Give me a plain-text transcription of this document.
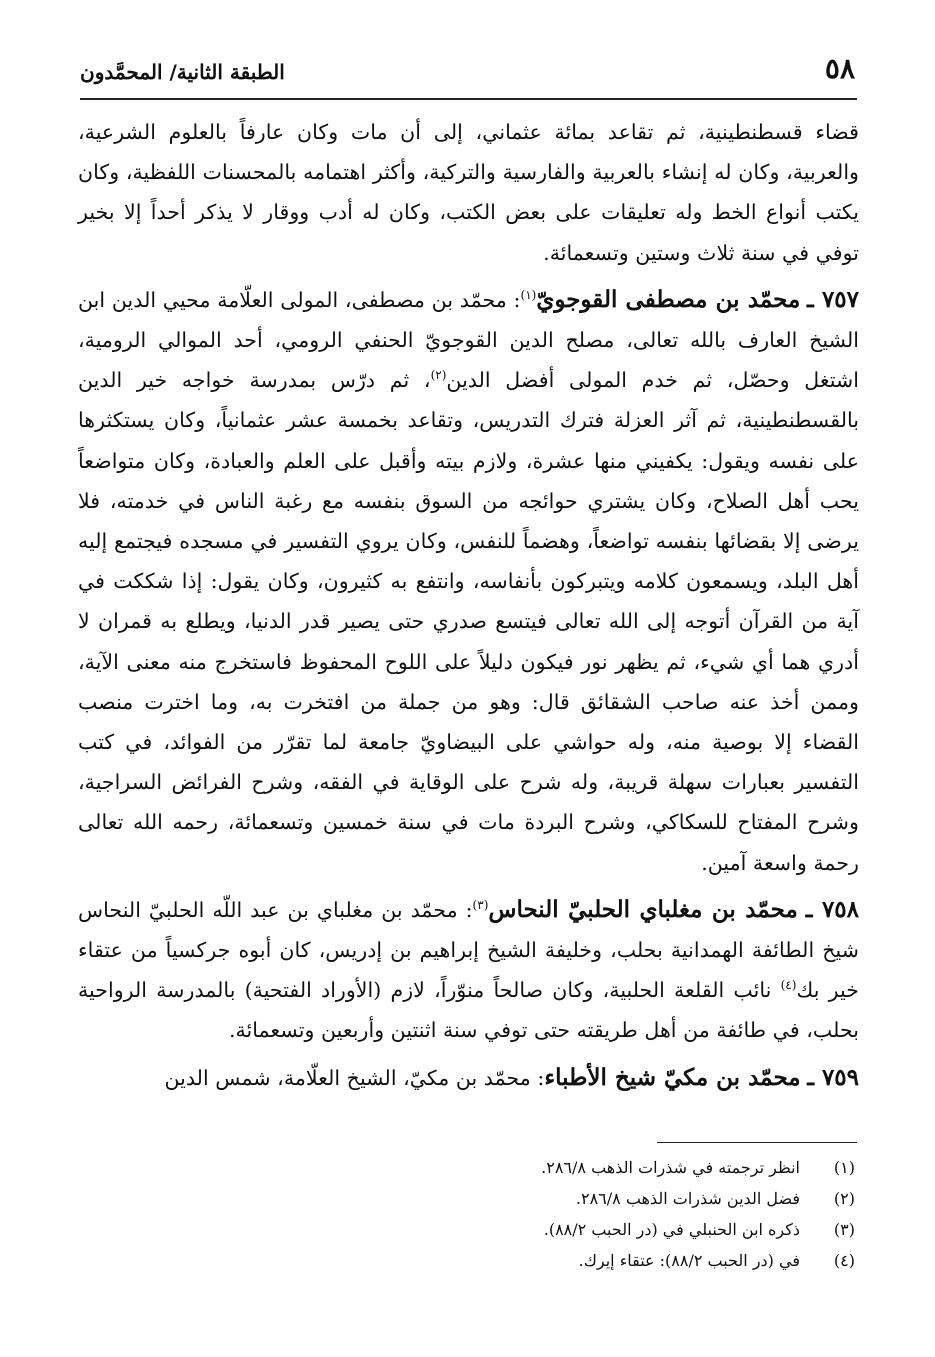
٥٨
الطبقة الثانية/ المحمَّدون

قضاء قسطنطينية، ثم تقاعد بمائة عثماني، إلى أن مات وكان عارفاً بالعلوم الشرعية، والعربية، وكان له إنشاء بالعربية والفارسية والتركية، وأكثر اهتمامه بالمحسنات اللفظية، وكان يكتب أنواع الخط وله تعليقات على بعض الكتب، وكان له أدب ووقار لا يذكر أحداً إلا بخير توفي في سنة ثلاث وستين وتسعمائة.

٧٥٧ ـ محمّد بن مصطفى القوجويّ$^{(١)}$: محمّد بن مصطفى، المولى العلّامة محيي الدين ابن الشيخ العارف بالله تعالى، مصلح الدين القوجويّ الحنفي الرومي، أحد الموالي الرومية، اشتغل وحصّل، ثم خدم المولى أفضل الدين$^{(٢)}$، ثم درّس بمدرسة خواجه خير الدين بالقسطنطينية، ثم آثر العزلة فترك التدريس، وتقاعد بخمسة عشر عثمانياً، وكان يستكثرها على نفسه ويقول: يكفيني منها عشرة، ولازم بيته وأقبل على العلم والعبادة، وكان متواضعاً يحب أهل الصلاح، وكان يشتري حوائجه من السوق بنفسه مع رغبة الناس في خدمته، فلا يرضى إلا بقضائها بنفسه تواضعاً، وهضماً للنفس، وكان يروي التفسير في مسجده فيجتمع إليه أهل البلد، ويسمعون كلامه ويتبركون بأنفاسه، وانتفع به كثيرون، وكان يقول: إذا شككت في آية من القرآن أتوجه إلى الله تعالى فيتسع صدري حتى يصير قدر الدنيا، ويطلع به قمران لا أدري هما أي شيء، ثم يظهر نور فيكون دليلاً على اللوح المحفوظ فاستخرج منه معنى الآية، وممن أخذ عنه صاحب الشقائق قال: وهو من جملة من افتخرت به، وما اخترت منصب القضاء إلا بوصية منه، وله حواشي على البيضاويّ جامعة لما تقرّر من الفوائد، في كتب التفسير بعبارات سهلة قريبة، وله شرح على الوقاية في الفقه، وشرح الفرائض السراجية، وشرح المفتاح للسكاكي، وشرح البردة مات في سنة خمسين وتسعمائة، رحمه الله تعالى رحمة واسعة آمين.

٧٥٨ ـ محمّد بن مغلباي الحلبيّ النحاس$^{(٣)}$: محمّد بن مغلباي بن عبد اللّه الحلبيّ النحاس شيخ الطائفة الهمدانية بحلب، وخليفة الشيخ إبراهيم بن إدريس، كان أبوه جركسياً من عتقاء خير بك$^{(٤)}$ نائب القلعة الحلبية، وكان صالحاً منوّراً، لازم (الأوراد الفتحية) بالمدرسة الرواحية بحلب، في طائفة من أهل طريقته حتى توفي سنة اثنتين وأربعين وتسعمائة.

٧٥٩ ـ محمّد بن مكيّ شيخ الأطباء: محمّد بن مكيّ، الشيخ العلّامة، شمس الدين

(١)
انظر ترجمته في شذرات الذهب ٢٨٦/٨.
(٢)
فضل الدين شذرات الذهب ٢٨٦/٨.
(٣)
ذكره ابن الحنبلي في (در الحبب ٨٨/٢).
(٤)
في (در الحبب ٨٨/٢): عتقاء إيرك.
